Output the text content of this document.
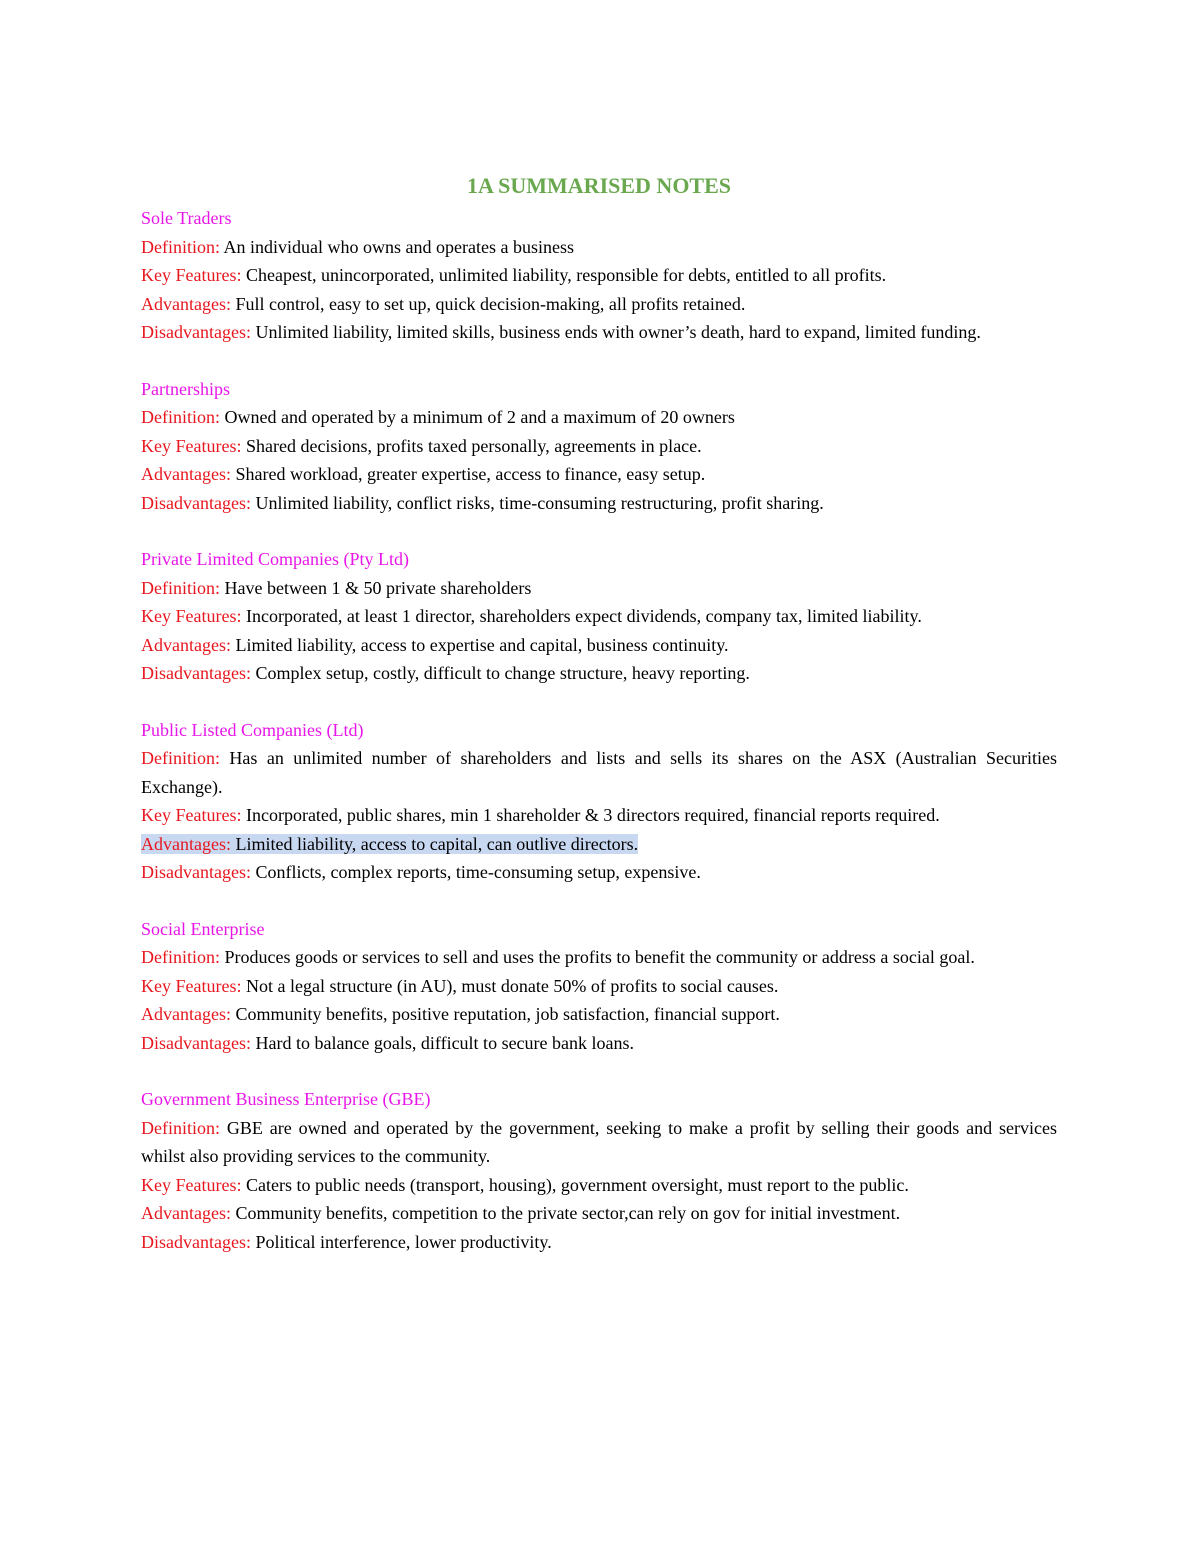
1A SUMMARISED NOTES
Sole Traders

Definition: An individual who owns and operates a business

Key Features: Cheapest, unincorporated, unlimited liability, responsible for debts, entitled to all profits.

Advantages: Full control, easy to set up, quick decision-making, all profits retained.

Disadvantages: Unlimited liability, limited skills, business ends with owner’s death, hard to expand, limited funding.

Partnerships

Definition: Owned and operated by a minimum of 2 and a maximum of 20 owners

Key Features: Shared decisions, profits taxed personally, agreements in place.

Advantages: Shared workload, greater expertise, access to finance, easy setup.

Disadvantages: Unlimited liability, conflict risks, time-consuming restructuring, profit sharing.

Private Limited Companies (Pty Ltd)

Definition: Have between 1 & 50 private shareholders

Key Features: Incorporated, at least 1 director, shareholders expect dividends, company tax, limited liability.

Advantages: Limited liability, access to expertise and capital, business continuity.

Disadvantages: Complex setup, costly, difficult to change structure, heavy reporting.

Public Listed Companies (Ltd)

Definition: Has an unlimited number of shareholders and lists and sells its shares on the ASX (Australian Securities Exchange).

Key Features: Incorporated, public shares, min 1 shareholder & 3 directors required, financial reports required.

Advantages: Limited liability, access to capital, can outlive directors.

Disadvantages: Conflicts, complex reports, time-consuming setup, expensive.

Social Enterprise

Definition: Produces goods or services to sell and uses the profits to benefit the community or address a social goal.

Key Features: Not a legal structure (in AU), must donate 50% of profits to social causes.

Advantages: Community benefits, positive reputation, job satisfaction, financial support.

Disadvantages: Hard to balance goals, difficult to secure bank loans.

Government Business Enterprise (GBE)

Definition: GBE are owned and operated by the government, seeking to make a profit by selling their goods and services whilst also providing services to the community.

Key Features: Caters to public needs (transport, housing), government oversight, must report to the public.

Advantages: Community benefits, competition to the private sector,can rely on gov for initial investment.

Disadvantages: Political interference, lower productivity.
